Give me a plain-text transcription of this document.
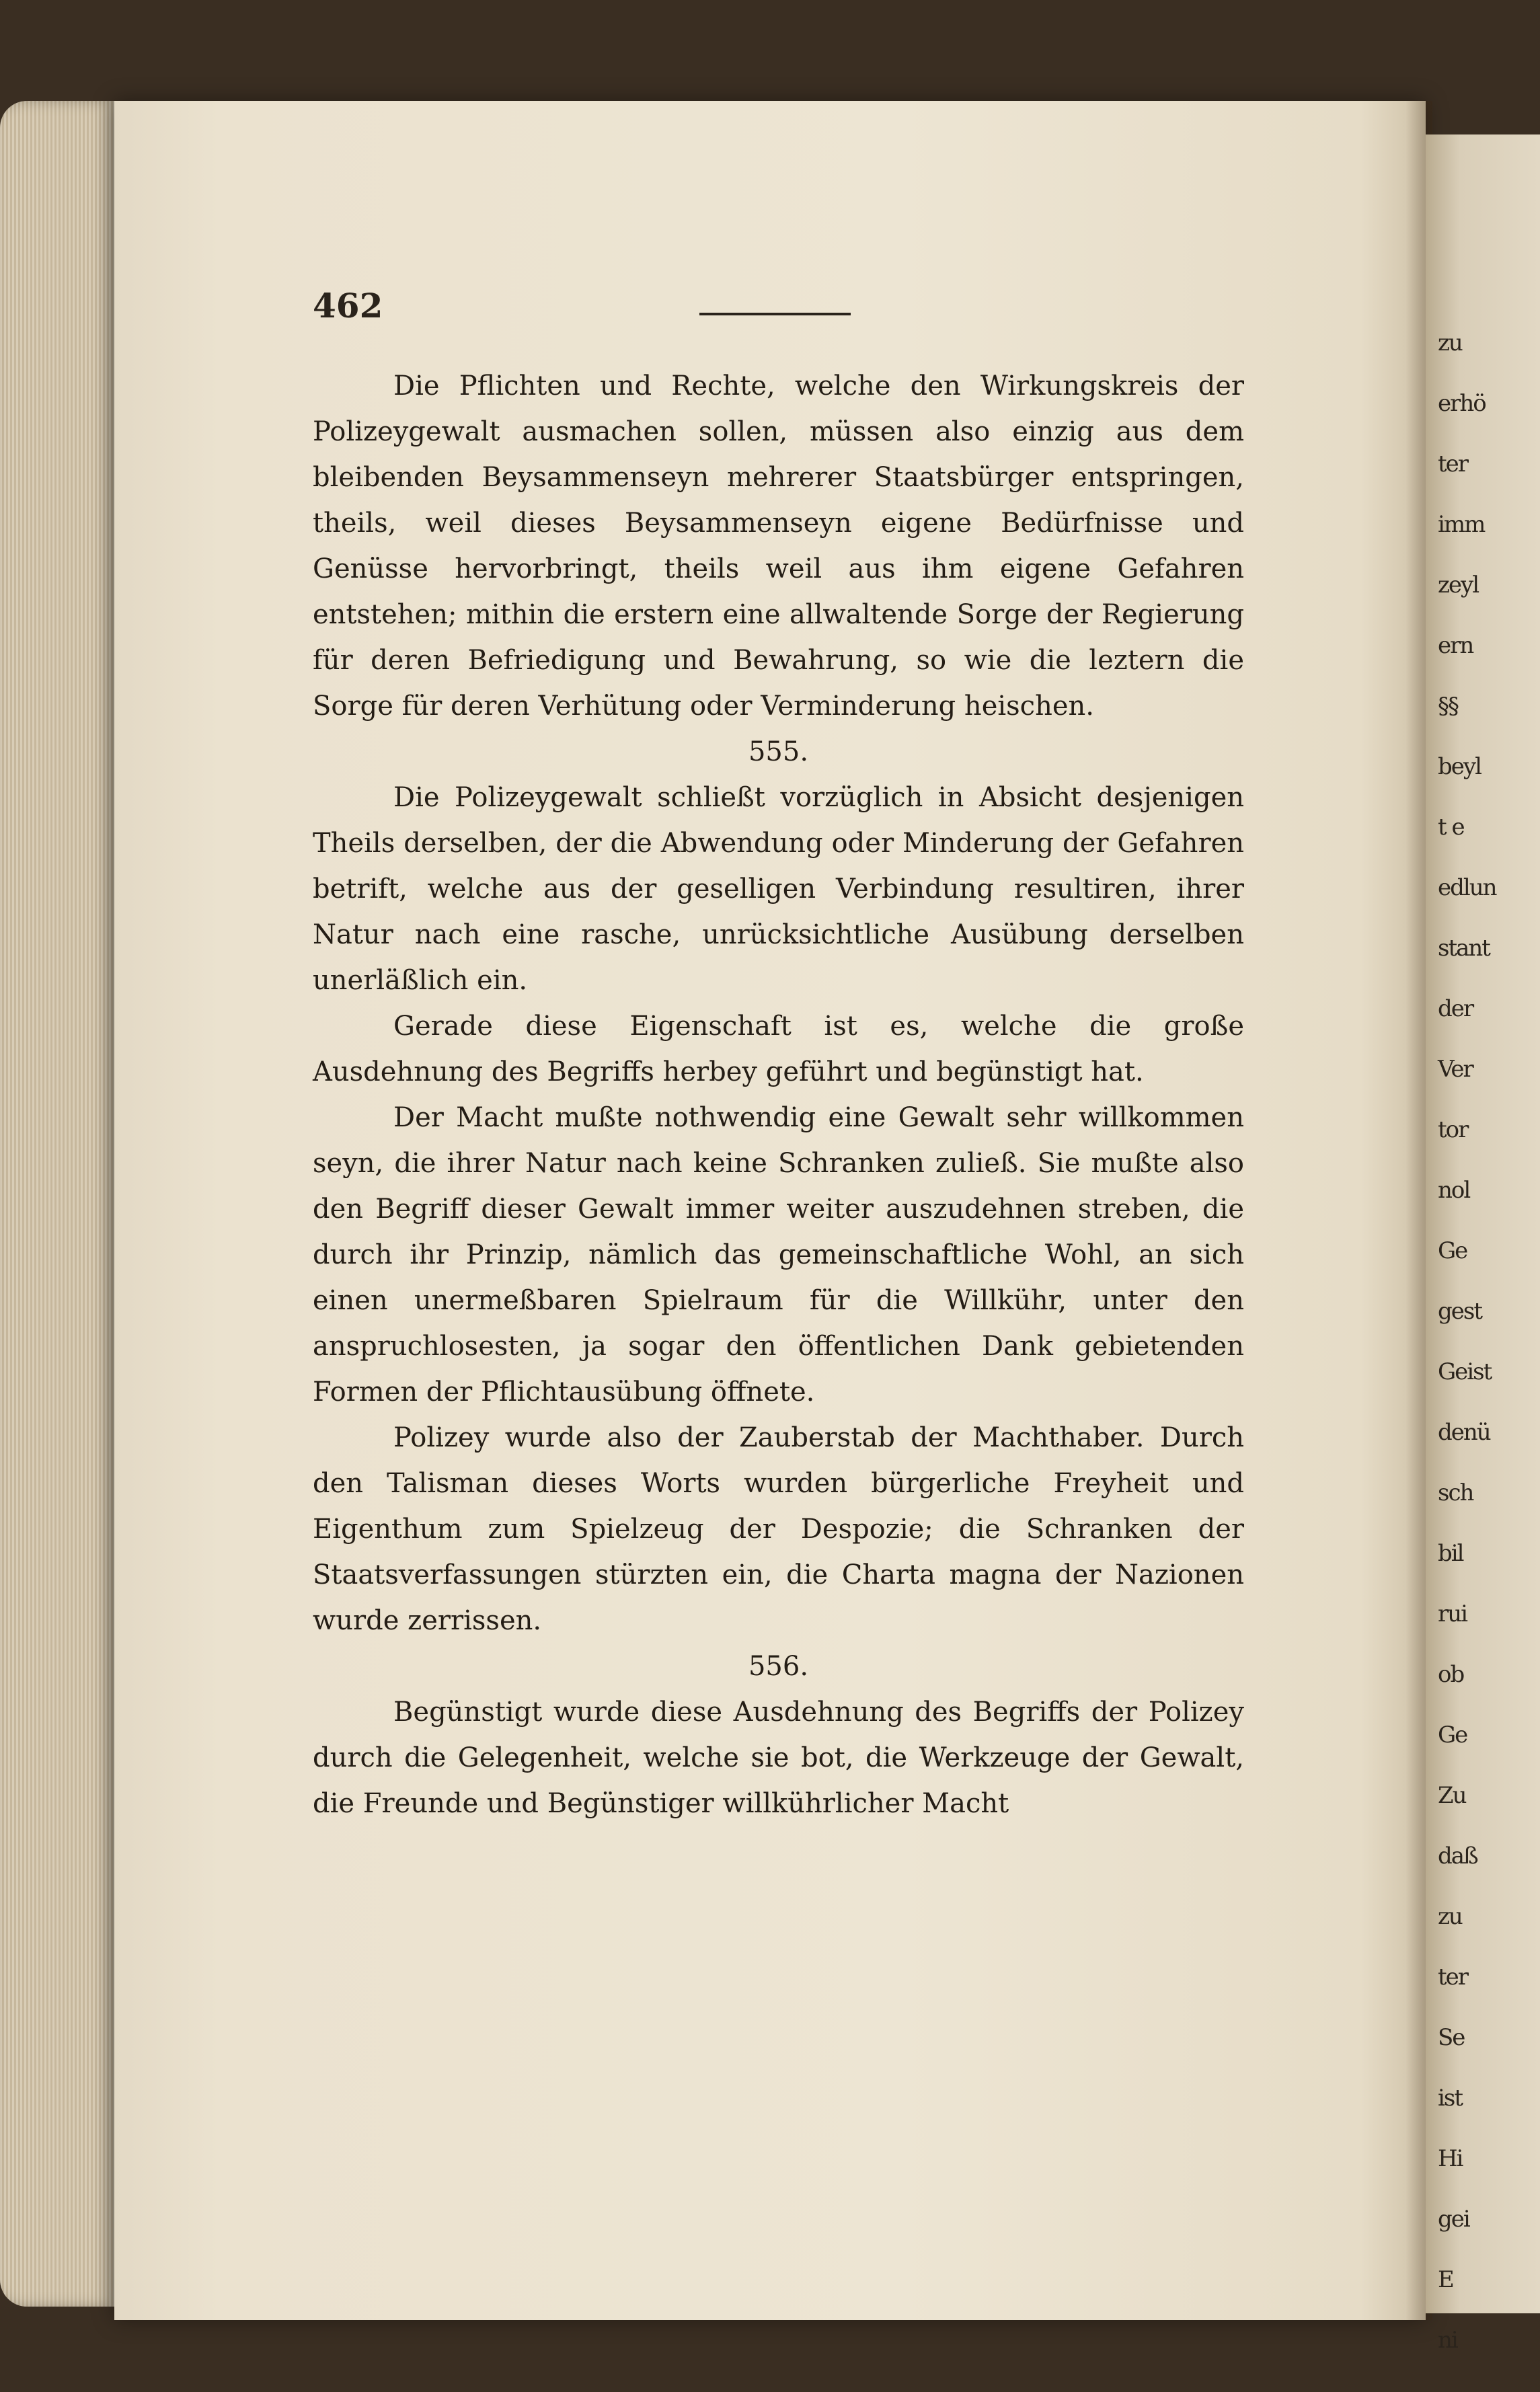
zu
erhö
ter
imm
zeyl
ern
§§
beyl
t e
edlun
stant
der
Ver
tor
nol
Ge
gest
Geist
denü
sch
bil
rui
ob
Ge
Zu
daß
zu
ter
Se
ist
Hi
gei
E
ni
462

Die Pflichten und Rechte, welche den Wirkungskreis der Polizeygewalt ausmachen sollen, müssen also einzig aus dem bleibenden Beysammenseyn mehrerer Staatsbürger entspringen, theils, weil dieses Beysammenseyn eigene Bedürfnisse und Genüsse hervorbringt, theils weil aus ihm eigene Gefahren entstehen; mithin die erstern eine allwaltende Sorge der Regierung für deren Befriedigung und Bewahrung, so wie die leztern die Sorge für deren Verhütung oder Verminderung heischen.

555.

Die Polizeygewalt schließt vorzüglich in Absicht desjenigen Theils derselben, der die Abwendung oder Minderung der Gefahren betrift, welche aus der geselligen Verbindung resultiren, ihrer Natur nach eine rasche, unrücksichtliche Ausübung derselben unerläßlich ein.

Gerade diese Eigenschaft ist es, welche die große Ausdehnung des Begriffs herbey geführt und begünstigt hat.

Der Macht mußte nothwendig eine Gewalt sehr willkommen seyn, die ihrer Natur nach keine Schranken zuließ. Sie mußte also den Begriff dieser Gewalt immer weiter auszudehnen streben, die durch ihr Prinzip, nämlich das gemeinschaftliche Wohl, an sich einen unermeßbaren Spielraum für die Willkühr, unter den anspruchlosesten, ja sogar den öffentlichen Dank gebietenden Formen der Pflichtausübung öffnete.

Polizey wurde also der Zauberstab der Machthaber. Durch den Talisman dieses Worts wurden bürgerliche Freyheit und Eigenthum zum Spielzeug der Despozie; die Schranken der Staatsverfassungen stürzten ein, die Charta magna der Nazionen wurde zerrissen.

556.

Begünstigt wurde diese Ausdehnung des Begriffs der Polizey durch die Gelegenheit, welche sie bot, die Werkzeuge der Gewalt, die Freunde und Begünstiger willkührlicher Macht
